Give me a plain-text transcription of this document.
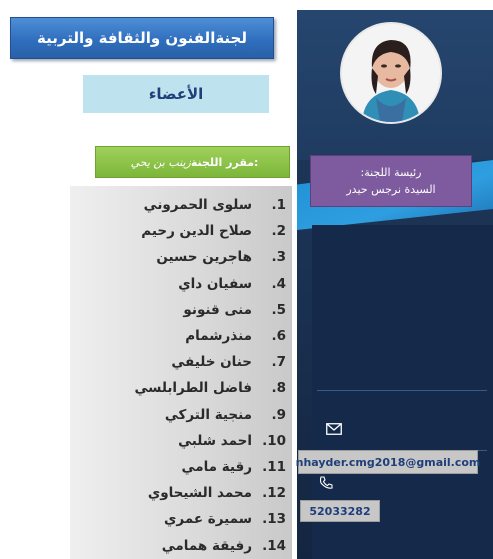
لجنةالفنون والثقافة والتربية
الأعضاء
:مقرر اللجنة
زينب بن يحي
رئيسة اللجنة:
السيدة نرجس حيدر
1.
سلوى الحمروني
2.
صلاح الدين رحيم
3.
هاجرين حسين
4.
سفيان داي
5.
منى قنونو
6.
منذرشمام
7.
حنان خليفي
8.
فاضل الطرابلسي
9.
منجية التركي
10.
احمد شلبي
11.
رقية مامي
12.
محمد الشيحاوي
13.
سميرة عمري
14.
رفيقة همامي
nhayder.cmg2018@gmail.com
52033282
